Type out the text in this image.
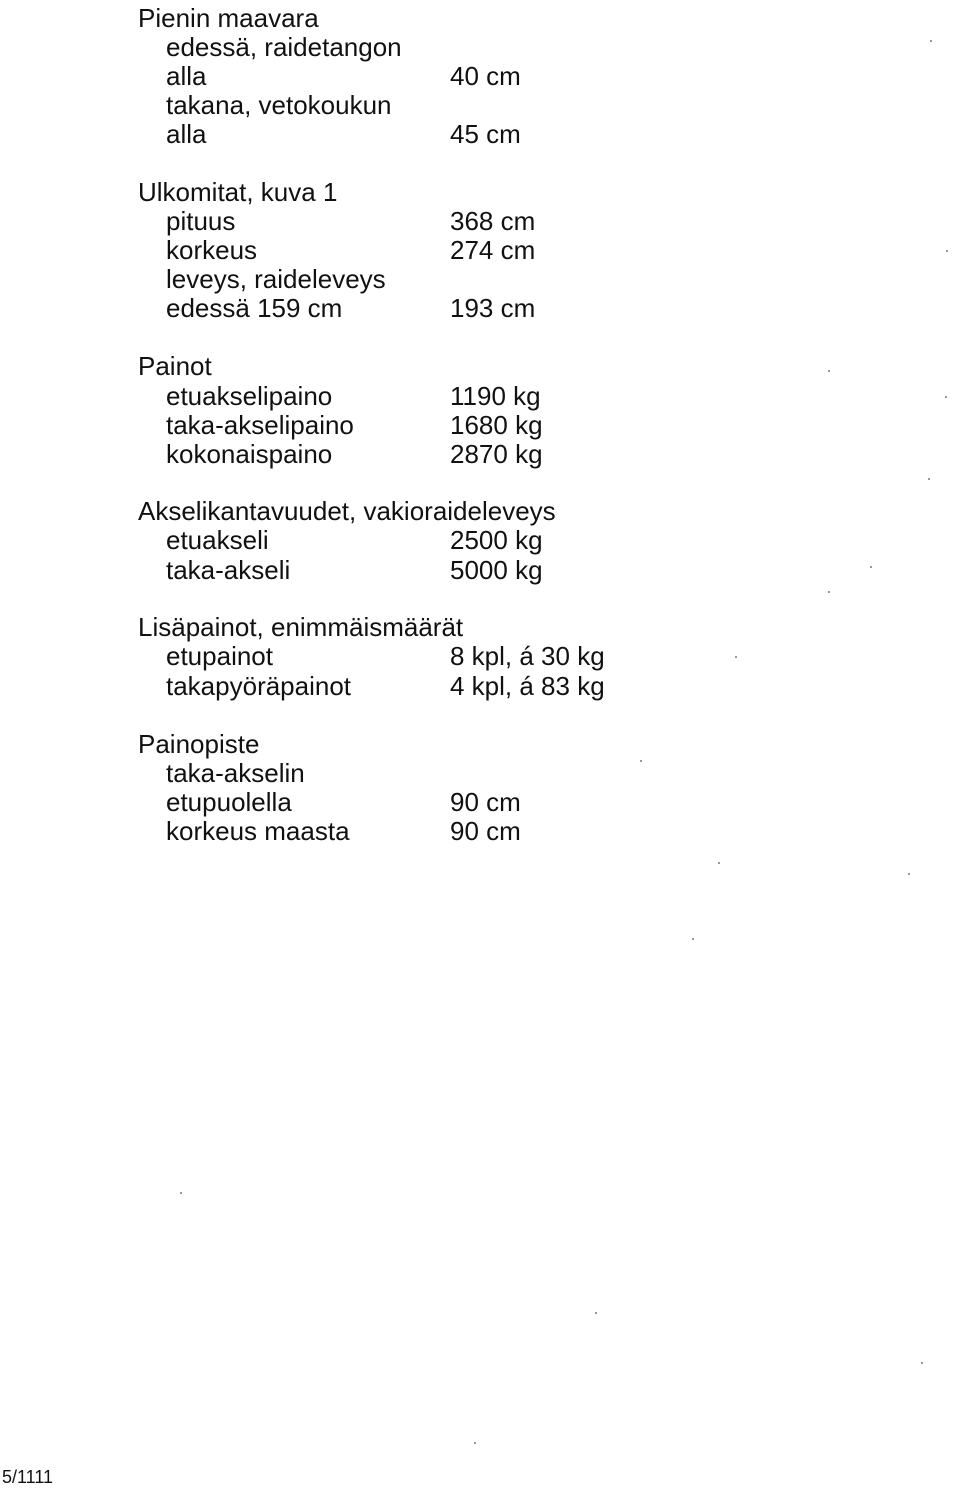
Pienin maavara
edessä, raidetangon
alla	40 cm
takana, vetokoukun
alla	45 cm
Ulkomitat, kuva 1
pituus	368 cm
korkeus	274 cm
leveys, raideleveys
edessä 159 cm	193 cm
Painot
etuakselipaino	1190 kg
taka-akselipaino	1680 kg
kokonaispaino	2870 kg
Akselikantavuudet, vakioraideleveys
etuakseli	2500 kg
taka-akseli	5000 kg
Lisäpainot, enimmäismäärät
etupainot	8 kpl, á 30 kg
takapyöräpainot	4 kpl, á 83 kg
Painopiste
taka-akselin
etupuolella	90 cm
korkeus maasta	90 cm
5/1111
